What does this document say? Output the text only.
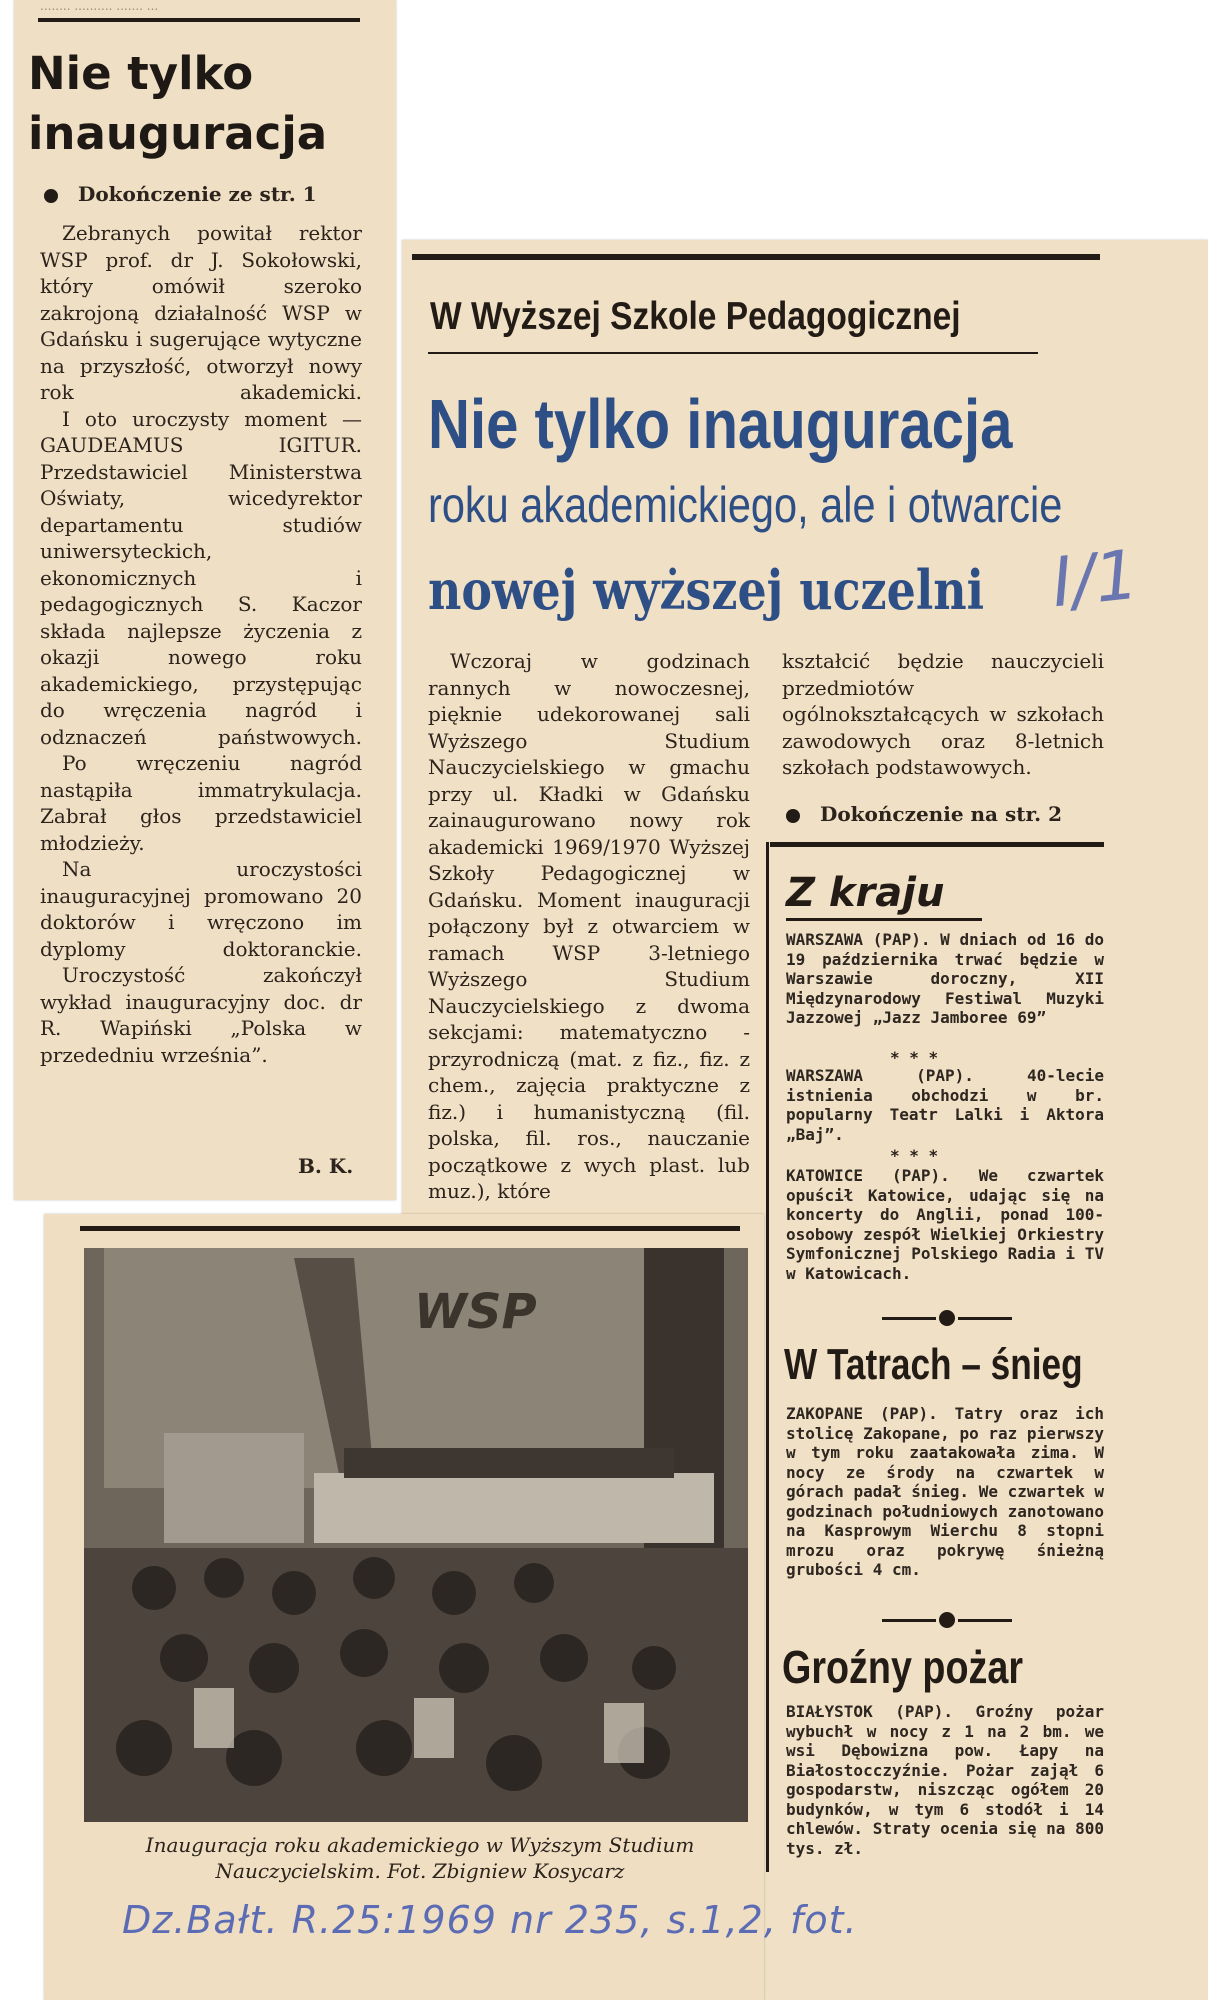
........ .......... ....... ...
Nie tylko
inauguracja
Dokończenie ze str. 1

Zebranych powitał rektor WSP prof. dr J. Sokołowski, który omówił szeroko zakrojoną działalność WSP w Gdańsku i sugerujące wytyczne na przyszłość, otworzył nowy rok akademicki.

I oto uroczysty moment — GAUDEAMUS IGITUR. Przedstawiciel Ministerstwa Oświaty, wicedyrektor departamentu studiów uniwersyteckich, ekonomicznych i pedagogicznych S. Kaczor składa najlepsze życzenia z okazji nowego roku akademickiego, przystępując do wręczenia nagród i odznaczeń państwowych.

Po wręczeniu nagród nastąpiła immatrykulacja. Zabrał głos przedstawiciel młodzieży.

Na uroczystości inauguracyjnej promowano 20 doktorów i wręczono im dyplomy doktoranckie.

Uroczystość zakończył wykład inauguracyjny doc. dr R. Wapiński „Polska w przededniu września”.

B. K.
W Wyższej Szkole Pedagogicznej
Nie tylko inauguracja
roku akademickiego, ale i otwarcie
nowej wyższej uczelni I/1

Wczoraj w godzinach rannych w nowoczesnej, pięknie udekorowanej sali Wyższego Studium Nauczycielskiego w gmachu przy ul. Kładki w Gdańsku zainaugurowano nowy rok akademicki 1969/1970 Wyższej Szkoły Pedagogicznej w Gdańsku. Moment inauguracji połączony był z otwarciem w ramach WSP 3-letniego Wyższego Studium Nauczycielskiego z dwoma sekcjami: matematyczno - przyrodniczą (mat. z fiz., fiz. z chem., zajęcia praktyczne z fiz.) i humanistyczną (fil. polska, fil. ros., nauczanie początkowe z wych plast. lub muz.), które

kształcić będzie nauczycieli przedmiotów ogólnokształcących w szkołach zawodowych oraz 8-letnich szkołach podstawowych.

Dokończenie na str. 2
Z kraju

WARSZAWA (PAP). W dniach od 16 do 19 października trwać będzie w Warszawie doroczny, XII Międzynarodowy Festiwal Muzyki Jazzowej „Jazz Jamboree 69”

* * *

WARSZAWA (PAP). 40-lecie istnienia obchodzi w br. popularny Teatr Lalki i Aktora „Baj”.

* * *

KATOWICE (PAP). We czwartek opuścił Katowice, udając się na koncerty do Anglii, ponad 100-osobowy zespół Wielkiej Orkiestry Symfonicznej Polskiego Radia i TV w Katowicach.

W Tatrach – śnieg

ZAKOPANE (PAP). Tatry oraz ich stolicę Zakopane, po raz pierwszy w tym roku zaatakowała zima. W nocy ze środy na czwartek w górach padał śnieg. We czwartek w godzinach południowych zanotowano na Kasprowym Wierchu 8 stopni mrozu oraz pokrywę śnieżną grubości 4 cm.

Groźny pożar

BIAŁYSTOK (PAP). Groźny pożar wybuchł w nocy z 1 na 2 bm. we wsi Dębowizna pow. Łapy na Białostocczyźnie. Pożar zajął 6 gospodarstw, niszcząc ogółem 20 budynków, w tym 6 stodół i 14 chlewów. Straty ocenia się na 800 tys. zł.

WSP
Inauguracja roku akademickiego w Wyższym Studium Nauczycielskim. Fot. Zbigniew Kosycarz
Dz.Bałt. R.25:1969 nr 235, s.1,2, fot.
